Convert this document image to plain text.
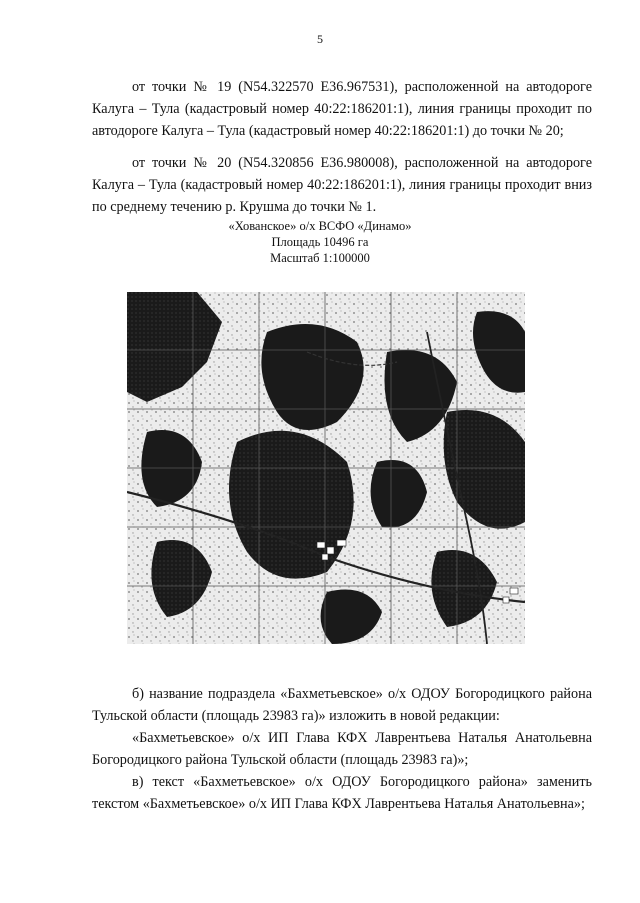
5

от точки № 19 (N54.322570 E36.967531), расположенной на автодороге Калуга – Тула (кадастровый номер 40:22:186201:1), линия границы проходит по автодороге Калуга – Тула (кадастровый номер 40:22:186201:1) до точки № 20;

от точки № 20 (N54.320856 E36.980008), расположенной на автодороге Калуга – Тула (кадастровый номер 40:22:186201:1), линия границы проходит вниз по среднему течению р. Крушма до точки № 1.

«Хованское» о/х ВСФО «Динамо»
Площадь 10496 га
Масштаб 1:100000

б) название подраздела «Бахметьевское» о/х ОДОУ Богородицкого района Тульской области (площадь 23983 га)» изложить в новой редакции:

«Бахметьевское» о/х ИП Глава КФХ Лаврентьева Наталья Анатольевна Богородицкого района Тульской области (площадь 23983 га)»;

в) текст «Бахметьевское» о/х ОДОУ Богородицкого района» заменить текстом «Бахметьевское» о/х ИП Глава КФХ Лаврентьева Наталья Анатольевна»;
